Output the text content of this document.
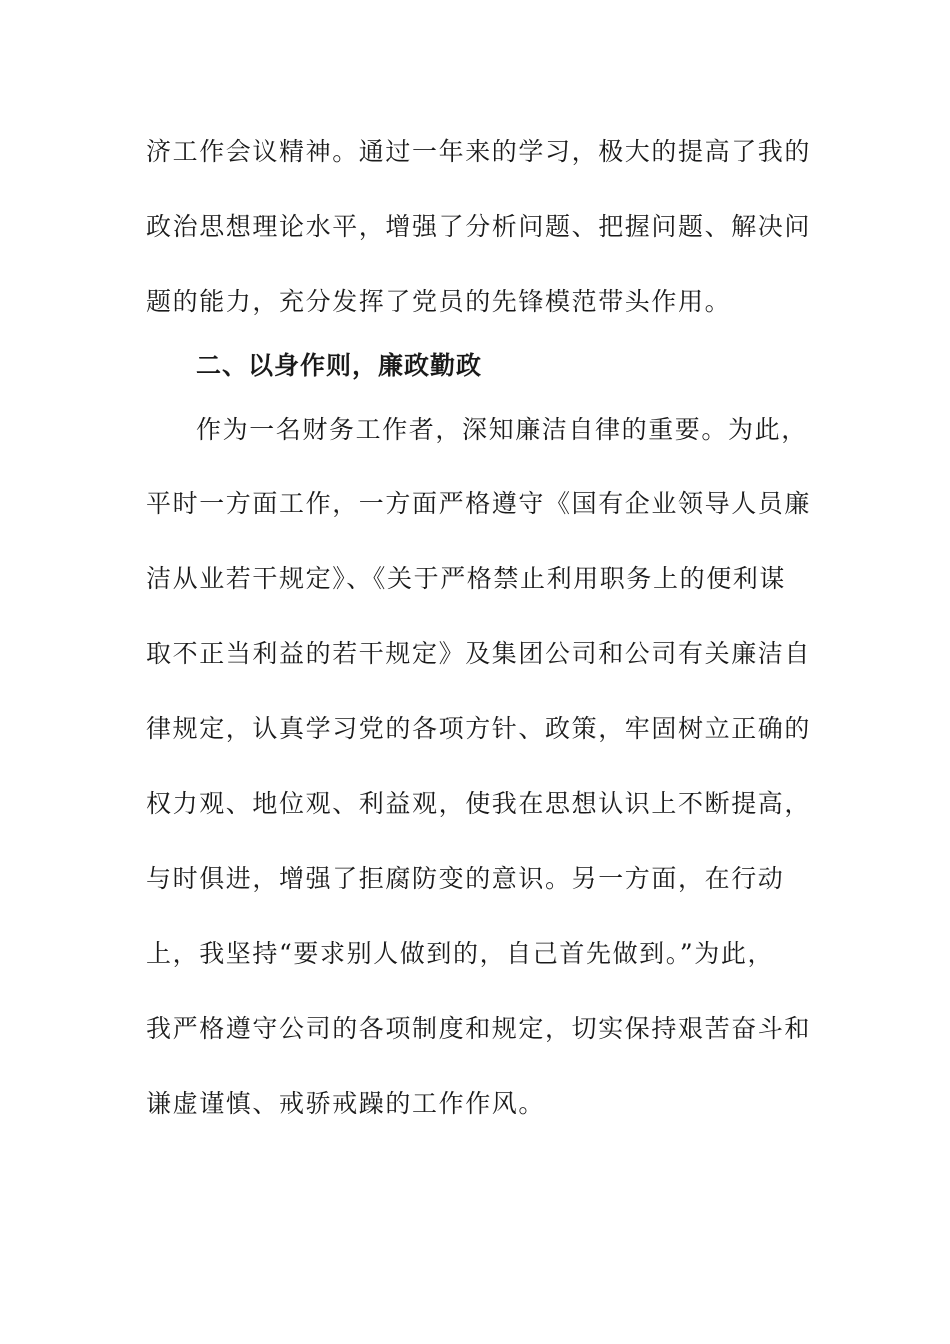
济工作会议精神。通过一年来的学习，极大的提高了我的
政治思想理论水平，增强了分析问题、把握问题、解决问
题的能力，充分发挥了党员的先锋模范带头作用。
二、以身作则，廉政勤政
作为一名财务工作者，深知廉洁自律的重要。为此，
平时一方面工作，一方面严格遵守《国有企业领导人员廉
洁从业若干规定》、《关于严格禁止利用职务上的便利谋
取不正当利益的若干规定》及集团公司和公司有关廉洁自
律规定，认真学习党的各项方针、政策，牢固树立正确的
权力观、地位观、利益观，使我在思想认识上不断提高，
与时俱进，增强了拒腐防变的意识。另一方面，在行动
上，我坚持“要求别人做到的，自己首先做到。”为此，
我严格遵守公司的各项制度和规定，切实保持艰苦奋斗和
谦虚谨慎、戒骄戒躁的工作作风。
